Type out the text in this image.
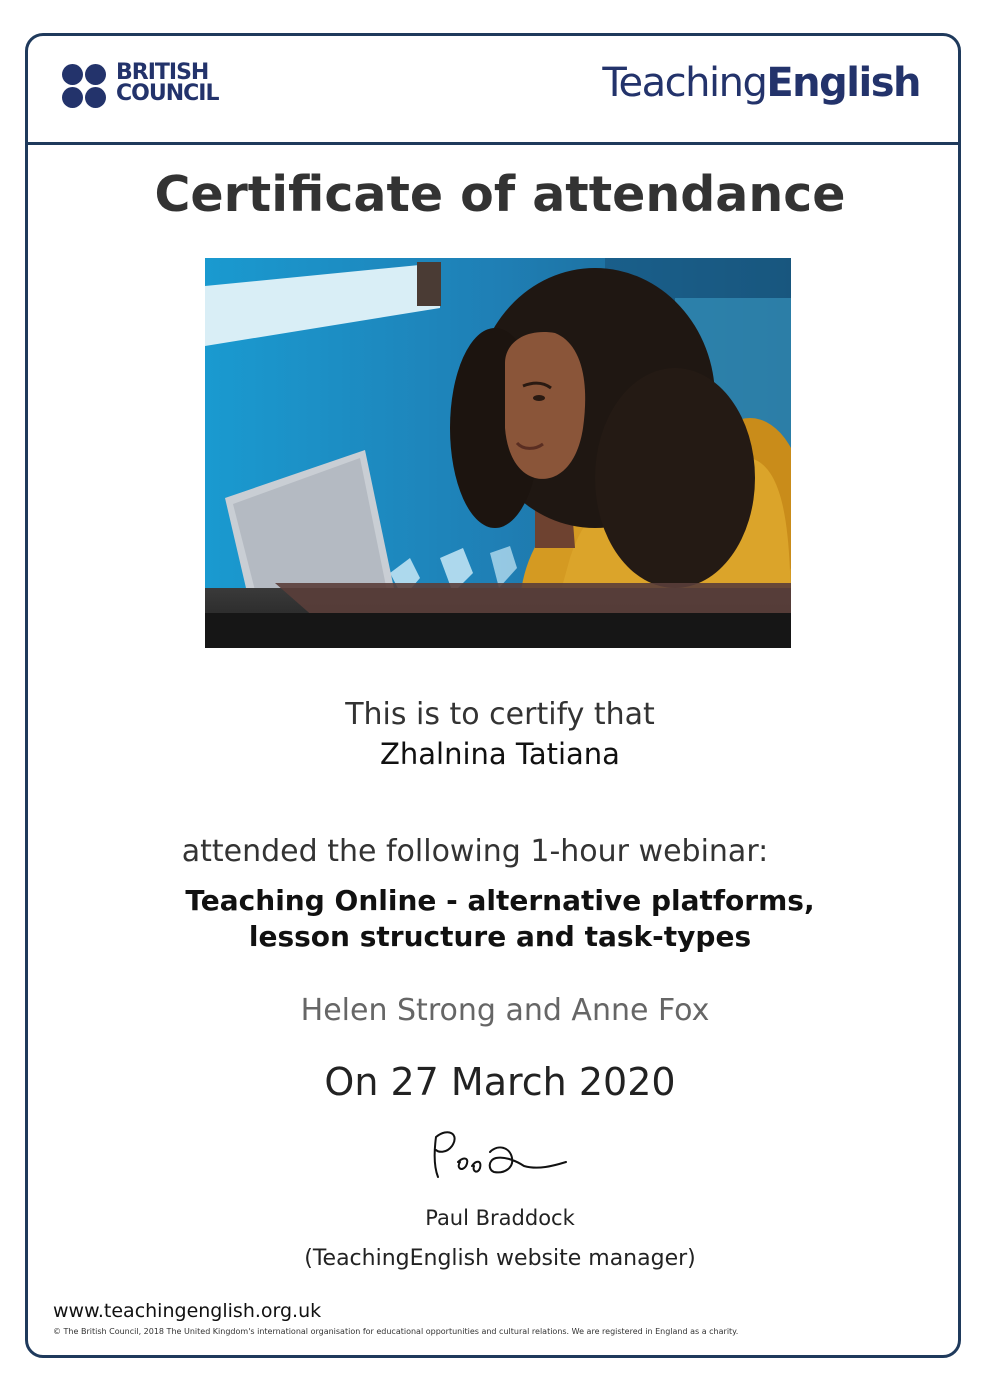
BRITISH
COUNCIL	TeachingEnglish
Certificate of attendance
This is to certify that
Zhalnina Tatiana
attended the following 1-hour webinar:
Teaching Online - alternative platforms,
lesson structure and task-types
Helen Strong and Anne Fox
On 27 March 2020
Paul Braddock
(TeachingEnglish website manager)
www.teachingenglish.org.uk
© The British Council, 2018 The United Kingdom's international organisation for educational opportunities and cultural relations. We are registered in England as a charity.
